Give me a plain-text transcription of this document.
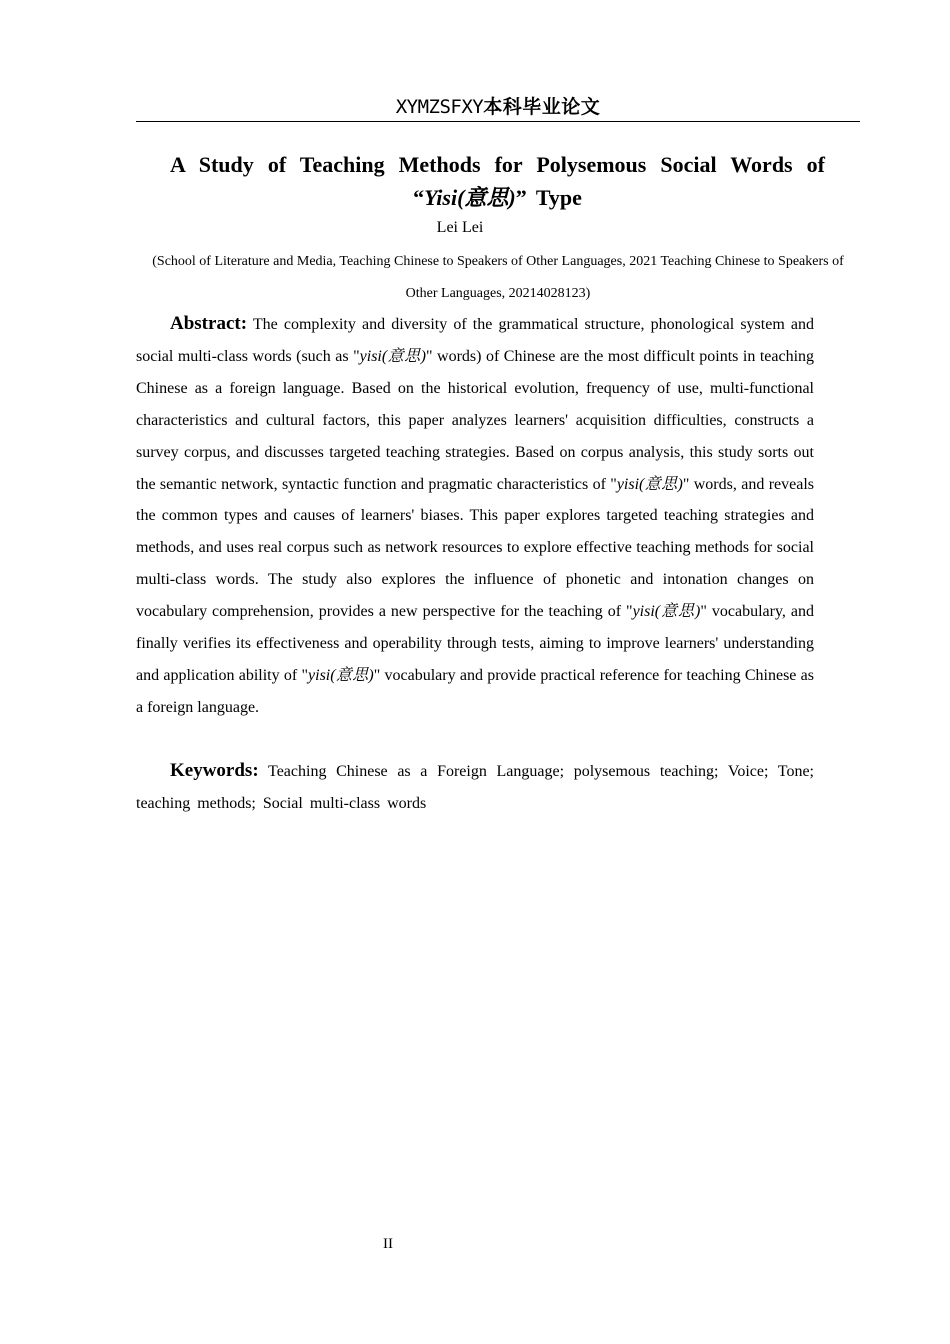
XYMZSFXY本科毕业论文
A Study of Teaching Methods for Polysemous Social Words of “Yisi(意思)” Type
Lei Lei
(School of Literature and Media, Teaching Chinese to Speakers of Other Languages, 2021 Teaching Chinese to Speakers of Other Languages, 20214028123)

Abstract: The complexity and diversity of the grammatical structure, phonological system and social multi-class words (such as "yisi(意思)" words) of Chinese are the most difficult points in teaching Chinese as a foreign language. Based on the historical evolution, frequency of use, multi-functional characteristics and cultural factors, this paper analyzes learners' acquisition difficulties, constructs a survey corpus, and discusses targeted teaching strategies. Based on corpus analysis, this study sorts out the semantic network, syntactic function and pragmatic characteristics of "yisi(意思)" words, and reveals the common types and causes of learners' biases. This paper explores targeted teaching strategies and methods, and uses real corpus such as network resources to explore effective teaching methods for social multi-class words. The study also explores the influence of phonetic and intonation changes on vocabulary comprehension, provides a new perspective for the teaching of "yisi(意思)" vocabulary, and finally verifies its effectiveness and operability through tests, aiming to improve learners' understanding and application ability of "yisi(意思)" vocabulary and provide practical reference for teaching Chinese as a foreign language.

Keywords: Teaching Chinese as a Foreign Language; polysemous teaching; Voice; Tone; teaching methods; Social multi-class words

II
